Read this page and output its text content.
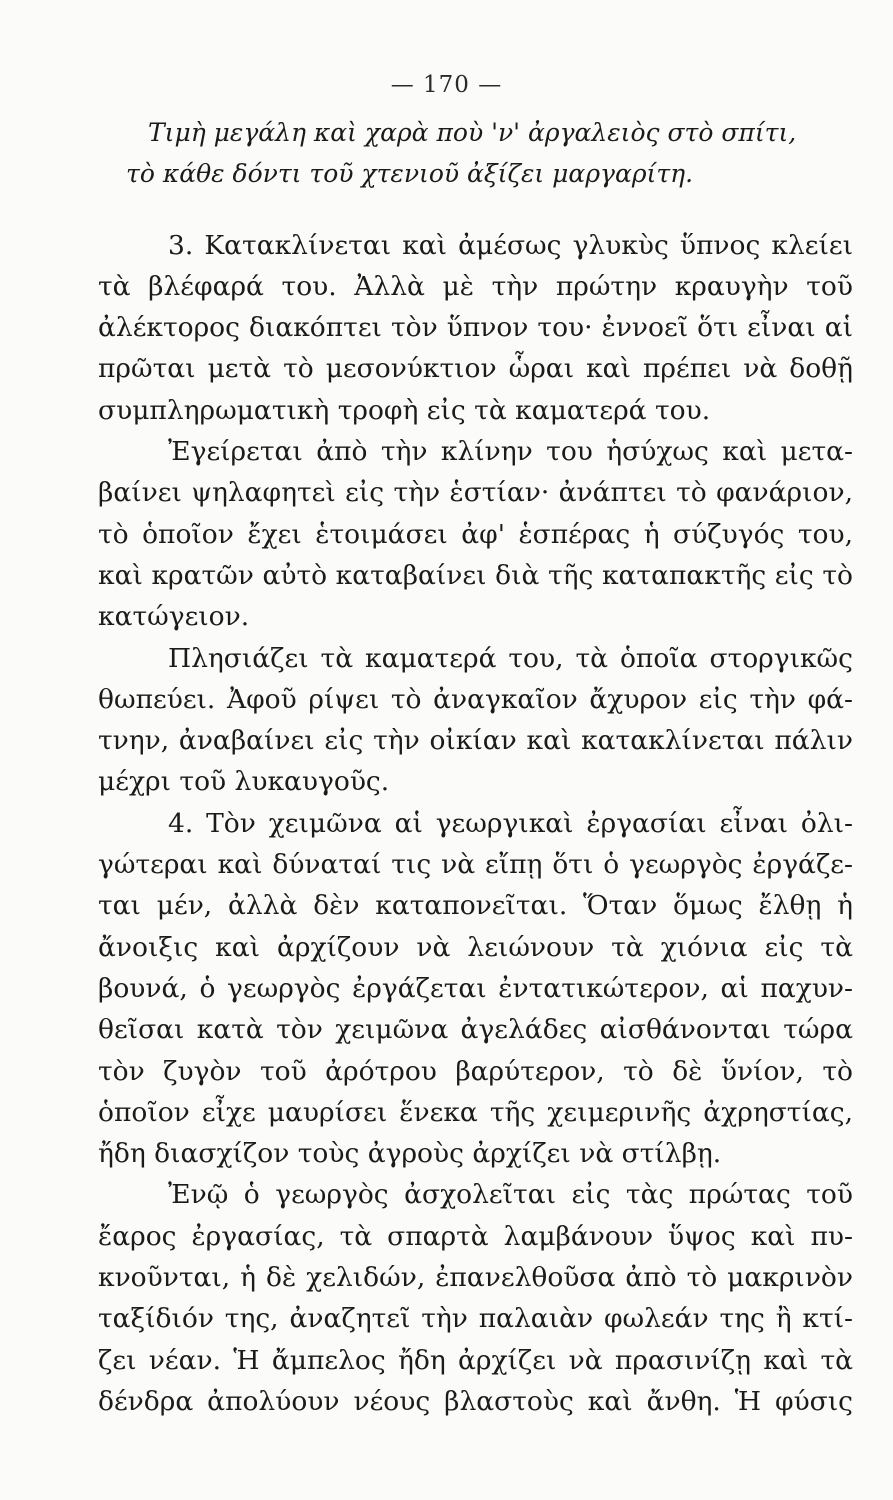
— 170 —
Τιμὴ μεγάλη καὶ χαρὰ ποὺ 'ν' ἀργαλειὸς στὸ σπίτι,
τὸ κάθε δόντι τοῦ χτενιοῦ ἀξίζει μαργαρίτη.
3. Κατακλίνεται καὶ ἀμέσως γλυκὺς ὕπνος κλείει
τὰ βλέφαρά του. Ἀλλὰ μὲ τὴν πρώτην κραυγὴν τοῦ
ἀλέκτορος διακόπτει τὸν ὕπνον του· ἐννοεῖ ὅτι εἶναι αἱ
πρῶται μετὰ τὸ μεσονύκτιον ὧραι καὶ πρέπει νὰ δοθῇ
συμπληρωματικὴ τροφὴ εἰς τὰ καματερά του.
Ἐγείρεται ἀπὸ τὴν κλίνην του ἡσύχως καὶ μετα-
βαίνει ψηλαφητεὶ εἰς τὴν ἑστίαν· ἀνάπτει τὸ φανάριον,
τὸ ὁποῖον ἔχει ἑτοιμάσει ἀφ' ἑσπέρας ἡ σύζυγός του,
καὶ κρατῶν αὐτὸ καταβαίνει διὰ τῆς καταπακτῆς εἰς τὸ
κατώγειον.
Πλησιάζει τὰ καματερά του, τὰ ὁποῖα στοργικῶς
θωπεύει. Ἀφοῦ ρίψει τὸ ἀναγκαῖον ἄχυρον εἰς τὴν φά-
τνην, ἀναβαίνει εἰς τὴν οἰκίαν καὶ κατακλίνεται πάλιν
μέχρι τοῦ λυκαυγοῦς.
4. Τὸν χειμῶνα αἱ γεωργικαὶ ἐργασίαι εἶναι ὀλι-
γώτεραι καὶ δύναταί τις νὰ εἴπῃ ὅτι ὁ γεωργὸς ἐργάζε-
ται μέν, ἀλλὰ δὲν καταπονεῖται. Ὅταν ὅμως ἔλθῃ ἡ
ἄνοιξις καὶ ἀρχίζουν νὰ λειώνουν τὰ χιόνια εἰς τὰ
βουνά, ὁ γεωργὸς ἐργάζεται ἐντατικώτερον, αἱ παχυν-
θεῖσαι κατὰ τὸν χειμῶνα ἀγελάδες αἰσθάνονται τώρα
τὸν ζυγὸν τοῦ ἀρότρου βαρύτερον, τὸ δὲ ὕνίον, τὸ
ὁποῖον εἶχε μαυρίσει ἕνεκα τῆς χειμερινῆς ἀχρηστίας,
ἤδη διασχίζον τοὺς ἀγροὺς ἀρχίζει νὰ στίλβῃ.
Ἐνῷ ὁ γεωργὸς ἀσχολεῖται εἰς τὰς πρώτας τοῦ
ἔαρος ἐργασίας, τὰ σπαρτὰ λαμβάνουν ὕψος καὶ πυ-
κνοῦνται, ἡ δὲ χελιδών, ἐπανελθοῦσα ἀπὸ τὸ μακρινὸν
ταξίδιόν της, ἀναζητεῖ τὴν παλαιὰν φωλεάν της ἢ κτί-
ζει νέαν. Ἡ ἄμπελος ἤδη ἀρχίζει νὰ πρασινίζῃ καὶ τὰ
δένδρα ἀπολύουν νέους βλαστοὺς καὶ ἄνθη. Ἡ φύσις
